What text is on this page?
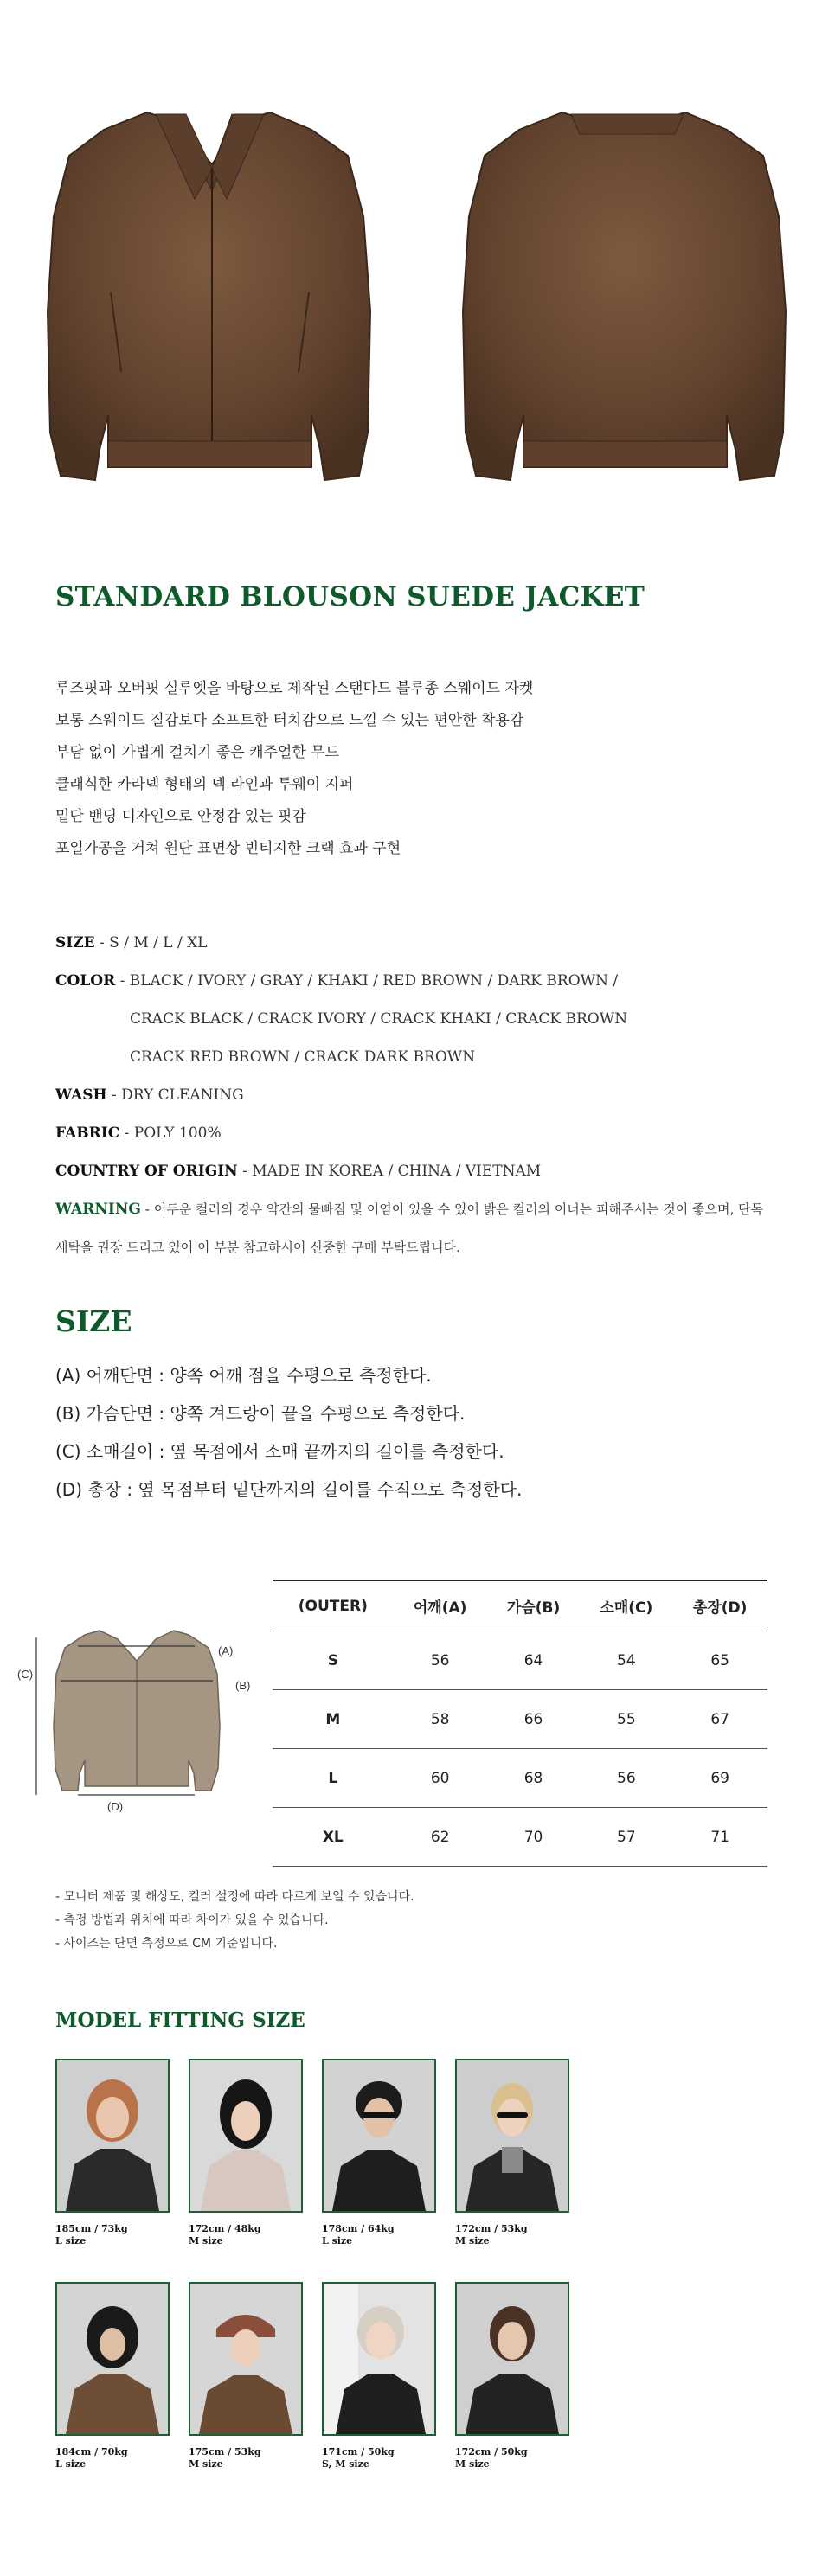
STANDARD BLOUSON SUEDE JACKET
루즈핏과 오버핏 실루엣을 바탕으로 제작된 스탠다드 블루종 스웨이드 자켓
보통 스웨이드 질감보다 소프트한 터치감으로 느낄 수 있는 편안한 착용감
부담 없이 가볍게 걸치기 좋은 캐주얼한 무드
클래식한 카라넥 형태의 넥 라인과 투웨이 지퍼
밑단 밴딩 디자인으로 안정감 있는 핏감
포일가공을 거쳐 원단 표면상 빈티지한 크랙 효과 구현
SIZE - S / M / L / XL
COLOR - BLACK / IVORY / GRAY / KHAKI / RED BROWN / DARK BROWN /
CRACK BLACK / CRACK IVORY / CRACK KHAKI / CRACK BROWN
CRACK RED BROWN / CRACK DARK BROWN
WASH - DRY CLEANING
FABRIC - POLY 100%
COUNTRY OF ORIGIN - MADE IN KOREA / CHINA / VIETNAM
WARNING - 어두운 컬러의 경우 약간의 물빠짐 및 이염이 있을 수 있어 밝은 컬러의 이너는 피해주시는 것이 좋으며, 단독 세탁을 권장 드리고 있어 이 부분 참고하시어 신중한 구매 부탁드립니다.
SIZE
(A) 어깨단면 : 양쪽 어깨 점을 수평으로 측정한다.
(B) 가슴단면 : 양쪽 겨드랑이 끝을 수평으로 측정한다.
(C) 소매길이 : 옆 목점에서 소매 끝까지의 길이를 측정한다.
(D) 총장 : 옆 목점부터 밑단까지의 길이를 수직으로 측정한다.
(A)
(B)
(C)
(D)
(OUTER)	어깨(A)	가슴(B)	소매(C)	총장(D)
S	56	64	54	65
M	58	66	55	67
L	60	68	56	69
XL	62	70	57	71
- 모니터 제품 및 해상도, 컬러 설정에 따라 다르게 보일 수 있습니다.
- 측정 방법과 위치에 따라 차이가 있을 수 있습니다.
- 사이즈는 단면 측정으로 CM 기준입니다.
MODEL FITTING SIZE
185cm / 73kg
L size
172cm / 48kg
M size
178cm / 64kg
L size
172cm / 53kg
M size
184cm / 70kg
L size
175cm / 53kg
M size
171cm / 50kg
S, M size
172cm / 50kg
M size
